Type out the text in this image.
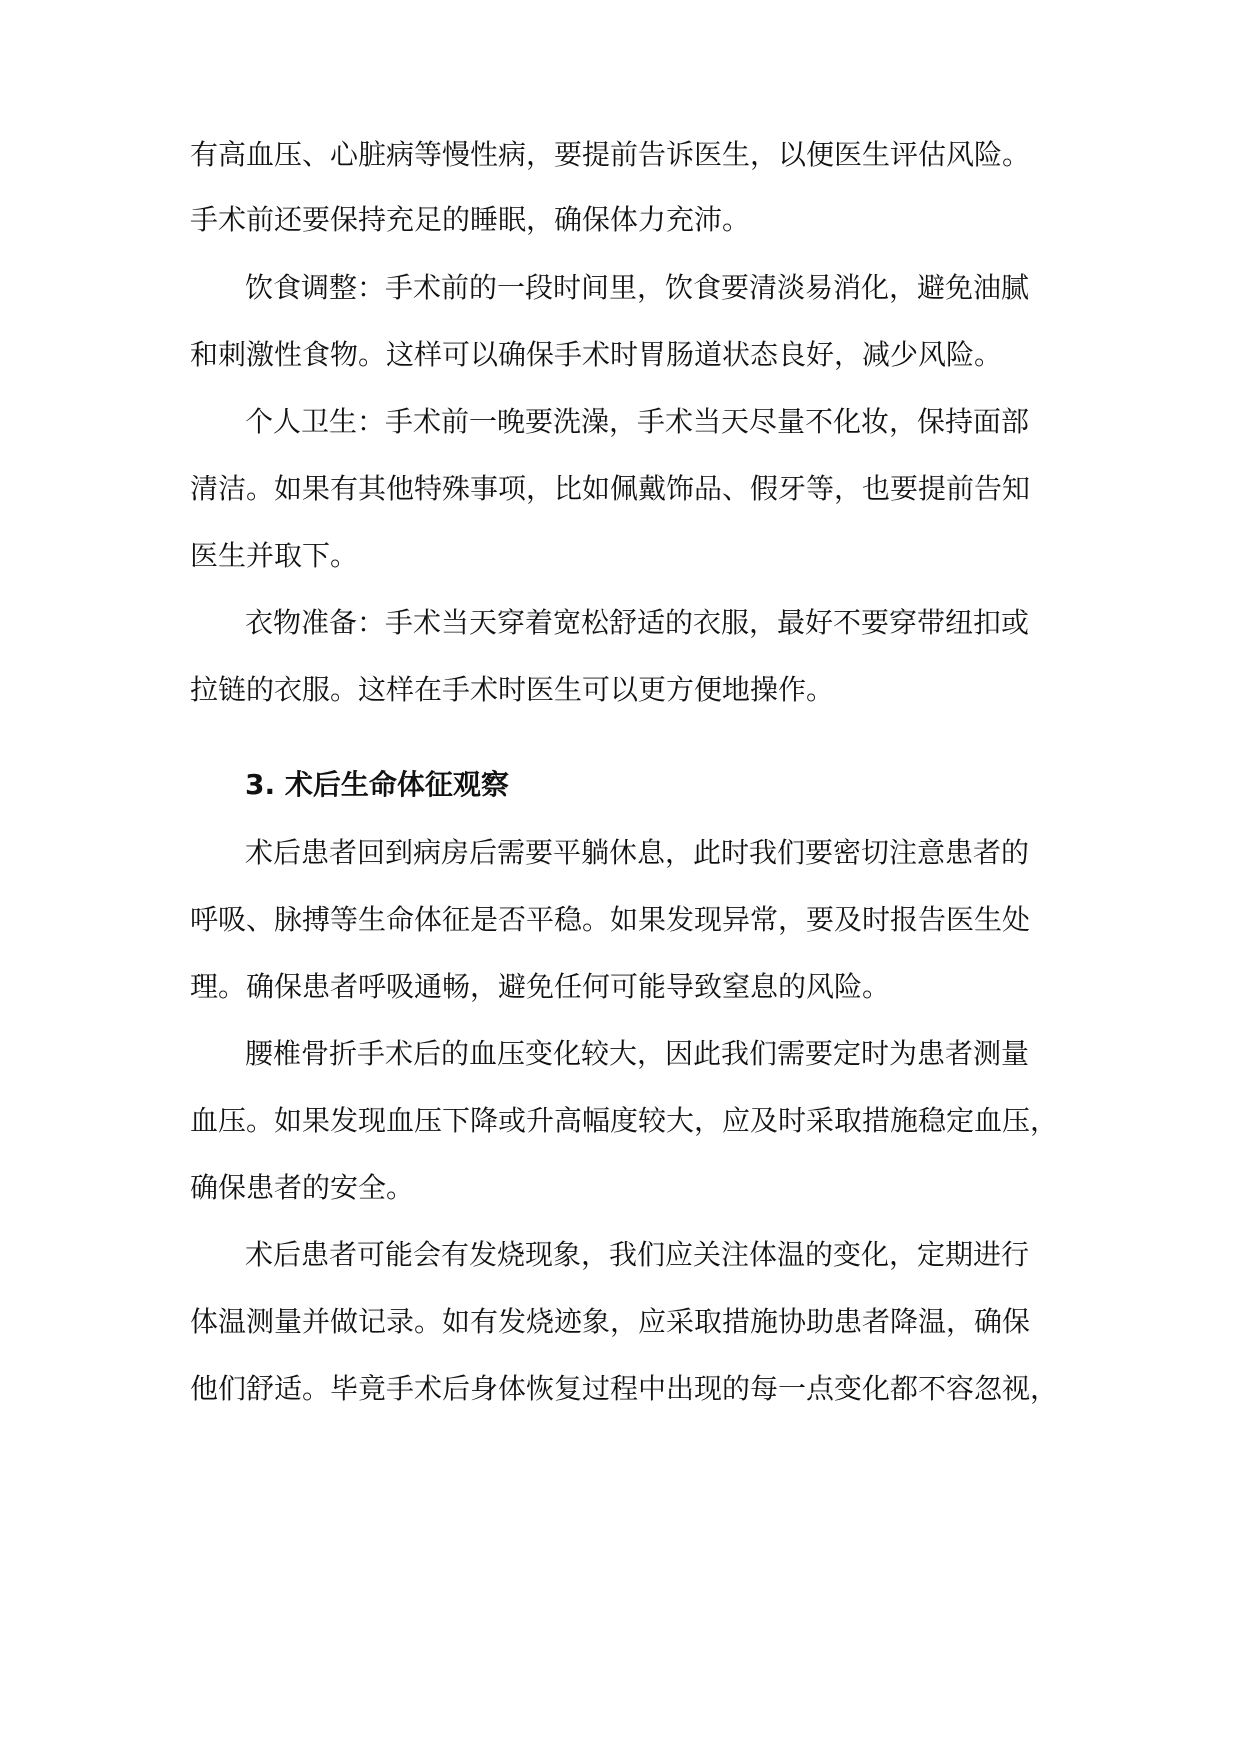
有高血压、心脏病等慢性病，要提前告诉医生，以便医生评估风险。
手术前还要保持充足的睡眠，确保体力充沛。
饮食调整：手术前的一段时间里，饮食要清淡易消化，避免油腻
和刺激性食物。这样可以确保手术时胃肠道状态良好，减少风险。
个人卫生：手术前一晚要洗澡，手术当天尽量不化妆，保持面部
清洁。如果有其他特殊事项，比如佩戴饰品、假牙等，也要提前告知
医生并取下。
衣物准备：手术当天穿着宽松舒适的衣服，最好不要穿带纽扣或
拉链的衣服。这样在手术时医生可以更方便地操作。
3. 术后生命体征观察
术后患者回到病房后需要平躺休息，此时我们要密切注意患者的
呼吸、脉搏等生命体征是否平稳。如果发现异常，要及时报告医生处
理。确保患者呼吸通畅，避免任何可能导致窒息的风险。
腰椎骨折手术后的血压变化较大，因此我们需要定时为患者测量
血压。如果发现血压下降或升高幅度较大，应及时采取措施稳定血压，
确保患者的安全。
术后患者可能会有发烧现象，我们应关注体温的变化，定期进行
体温测量并做记录。如有发烧迹象，应采取措施协助患者降温，确保
他们舒适。毕竟手术后身体恢复过程中出现的每一点变化都不容忽视，
